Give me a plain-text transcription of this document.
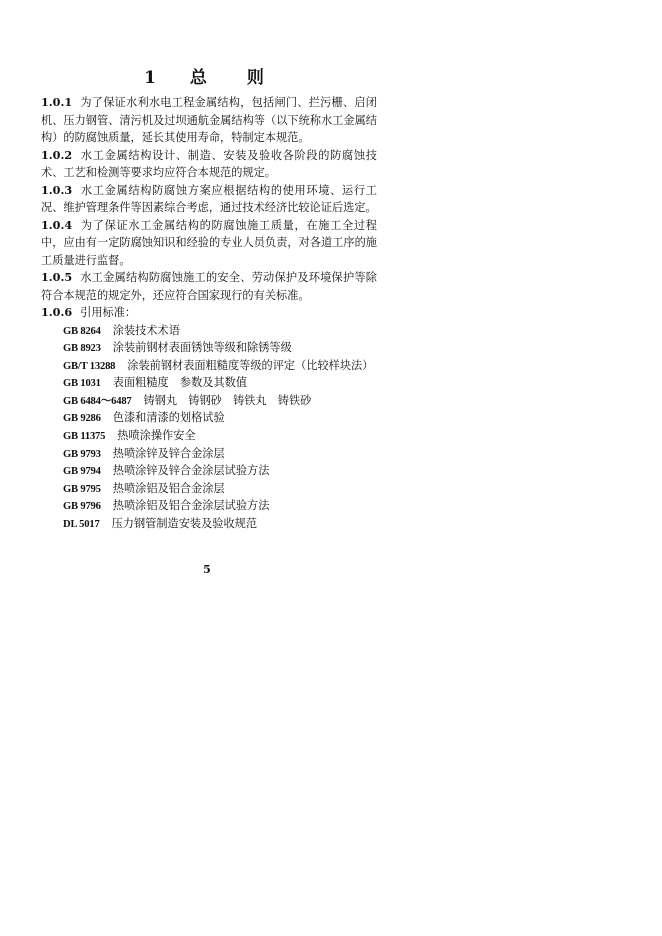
1 总 则

1.0.1 为了保证水利水电工程金属结构，包括闸门、拦污栅、启闭机、压力钢管、清污机及过坝通航金属结构等（以下统称水工金属结构）的防腐蚀质量，延长其使用寿命，特制定本规范。

1.0.2 水工金属结构设计、制造、安装及验收各阶段的防腐蚀技术、工艺和检测等要求均应符合本规范的规定。

1.0.3 水工金属结构防腐蚀方案应根据结构的使用环境、运行工况、维护管理条件等因素综合考虑，通过技术经济比较论证后选定。

1.0.4 为了保证水工金属结构的防腐蚀施工质量，在施工全过程中，应由有一定防腐蚀知识和经验的专业人员负责，对各道工序的施工质量进行监督。

1.0.5 水工金属结构防腐蚀施工的安全、劳动保护及环境保护等除符合本规范的规定外，还应符合国家现行的有关标准。

1.0.6 引用标准：

GB 8264 涂装技术术语
GB 8923 涂装前钢材表面锈蚀等级和除锈等级
GB/T 13288 涂装前钢材表面粗糙度等级的评定（比较样块法）
GB 1031 表面粗糙度　参数及其数值
GB 6484～6487 铸钢丸　铸钢砂　铸铁丸　铸铁砂
GB 9286 色漆和清漆的划格试验
GB 11375 热喷涂操作安全
GB 9793 热喷涂锌及锌合金涂层
GB 9794 热喷涂锌及锌合金涂层试验方法
GB 9795 热喷涂铝及铝合金涂层
GB 9796 热喷涂铝及铝合金涂层试验方法
DL 5017 压力钢管制造安装及验收规范
5
